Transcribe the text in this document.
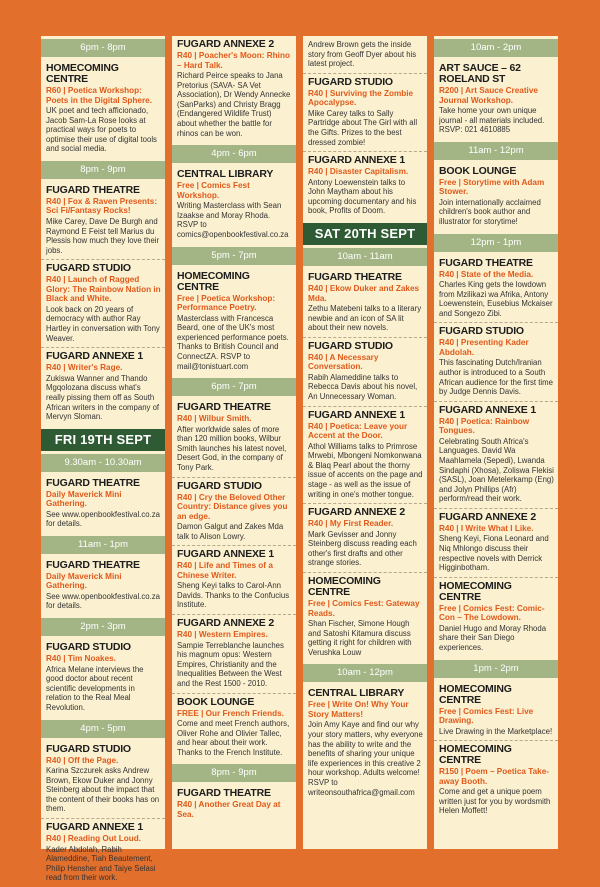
6pm - 8pm
HOMECOMING CENTRE
R60 | Poetica Workshop: Poets in the Digital Sphere.
UK poet and tech afficionado, Jacob Sam-La Rose looks at practical ways for poets to optimise their use of digital tools and social media.
8pm - 9pm
FUGARD THEATRE
R40 | Fox & Raven Presents: Sci Fi/Fantasy Rocks!
Mike Carey, Dave De Burgh and Raymond E Feist tell Marius du Plessis how much they love their jobs.
FUGARD STUDIO
R40 | Launch of Ragged Glory: The Rainbow Nation in Black and White.
Look back on 20 years of democracy with author Ray Hartley in conversation with Tony Weaver.
FUGARD ANNEXE 1
R40 | Writer's Rage.
Zukiswa Wanner and Thando Mgqolozana discuss what's really pissing them off as South African writers in the company of Mervyn Sloman.
FRI 19TH SEPT
9.30am - 10.30am
FUGARD THEATRE
Daily Maverick Mini Gathering.
See www.openbookfestival.co.za for details.
11am - 1pm
FUGARD THEATRE
Daily Maverick Mini Gathering.
See www.openbookfestival.co.za for details.
2pm - 3pm
FUGARD STUDIO
R40 | Tim Noakes.
Africa Melane interviews the good doctor about recent scientific developments in relation to the Real Meal Revolution.
4pm - 5pm
FUGARD STUDIO
R40 | Off the Page.
Karina Szczurek asks Andrew Brown, Ekow Duker and Jonny Steinberg about the impact that the content of their books has on them.
FUGARD ANNEXE 1
R40 | Reading Out Loud.
Kader Abdolah, Rabih Alameddine, Tiah Beautement, Philip Hensher and Taiye Selasi read from their work.
FUGARD ANNEXE 2
R40 | Poacher's Moon: Rhino – Hard Talk.
Richard Peirce speaks to Jana Pretorius (SAVA- SA Vet Association), Dr Wendy Annecke (SanParks) and Christy Bragg (Endangered Wildlife Trust) about whether the battle for rhinos can be won.
4pm - 6pm
CENTRAL LIBRARY
Free | Comics Fest Workshop.
Writing Masterclass with Sean Izaakse and Moray Rhoda. RSVP to comics@openbookfestival.co.za
5pm - 7pm
HOMECOMING CENTRE
Free | Poetica Workshop: Performance Poetry.
Masterclass with Francesca Beard, one of the UK's most experienced performance poets. Thanks to British Council and ConnectZA. RSVP to mail@tonistuart.com
6pm - 7pm
FUGARD THEATRE
R40 | Wilbur Smith.
After worldwide sales of more than 120 million books, Wilbur Smith launches his latest novel, Desert God, in the company of Tony Park.
FUGARD STUDIO
R40 | Cry the Beloved Other Country: Distance gives you an edge.
Damon Galgut and Zakes Mda talk to Alison Lowry.
FUGARD ANNEXE 1
R40 | Life and Times of a Chinese Writer.
Sheng Keyi talks to Carol-Ann Davids. Thanks to the Confucius Institute.
FUGARD ANNEXE 2
R40 | Western Empires.
Sampie Terreblanche launches his magnum opus: Western Empires, Christianity and the Inequalities Between the West and the Rest 1500 - 2010.
BOOK LOUNGE
FREE | Our French Friends.
Come and meet French authors, Oliver Rohe and Olivier Tallec, and hear about their work. Thanks to the French Institute.
8pm - 9pm
FUGARD THEATRE
R40 | Another Great Day at Sea.
Andrew Brown gets the inside story from Geoff Dyer about his latest project.
FUGARD STUDIO
R40 | Surviving the Zombie Apocalypse.
Mike Carey talks to Sally Partridge about The Girl with all the Gifts. Prizes to the best dressed zombie!
FUGARD ANNEXE 1
R40 | Disaster Capitalism.
Antony Loewenstein talks to John Maytham about his upcoming documentary and his book, Profits of Doom.
SAT 20TH SEPT
10am - 11am
FUGARD THEATRE
R40 | Ekow Duker and Zakes Mda.
Zethu Matebeni talks to a literary newbie and an icon of SA lit about their new novels.
FUGARD STUDIO
R40 | A Necessary Conversation.
Rabih Alameddine talks to Rebecca Davis about his novel, An Unnecessary Woman.
FUGARD ANNEXE 1
R40 | Poetica: Leave your Accent at the Door.
Athol Williams talks to Primrose Mrwebi, Mbongeni Nomkonwana & Blaq Pearl about the thorny issue of accents on the page and stage - as well as the issue of writing in one's mother tongue.
FUGARD ANNEXE 2
R40 | My First Reader.
Mark Gevisser and Jonny Steinberg discuss reading each other's first drafts and other strange stories.
HOMECOMING CENTRE
Free | Comics Fest: Gateway Reads.
Shan Fischer, Simone Hough and Satoshi Kitamura discuss getting it right for children with Verushka Louw
10am - 12pm
CENTRAL LIBRARY
Free | Write On! Why Your Story Matters!
Join Amy Kaye and find our why your story matters, why everyone has the ability to write and the benefits of sharing your unique life experiences in this creative 2 hour workshop. Adults welcome! RSVP to writeonsouthafrica@gmail.com
10am - 2pm
ART SAUCE – 62 ROELAND ST
R200 | Art Sauce Creative Journal Workshop.
Take home your own unique journal - all materials included. RSVP: 021 4610885
11am - 12pm
BOOK LOUNGE
Free | Storytime with Adam Stower.
Join internationally acclaimed children's book author and illustrator for storytime!
12pm - 1pm
FUGARD THEATRE
R40 | State of the Media.
Charles King gets the lowdown from Mzilikazi wa Afrika, Antony Loewenstein, Eusebius Mckaiser and Songezo Zibi.
FUGARD STUDIO
R40 | Presenting Kader Abdolah.
This fascinating Dutch/Iranian author is introduced to a South African audience for the first time by Judge Dennis Davis.
FUGARD ANNEXE 1
R40 | Poetica: Rainbow Tongues.
Celebrating South Africa's Languages. David Wa Maahlamela (Sepedi), Lwanda Sindaphi (Xhosa), Zoliswa Flekisi (SASL), Joan Metelerkamp (Eng) and Jolyn Phillips (Afr) perform/read their work.
FUGARD ANNEXE 2
R40 | I Write What I Like.
Sheng Keyi, Fiona Leonard and Niq Mhlongo discuss their respective novels with Derrick Higginbotham.
HOMECOMING CENTRE
Free | Comics Fest: Comic-Con – The Lowdown.
Daniel Hugo and Moray Rhoda share their San Diego experiences.
1pm - 2pm
HOMECOMING CENTRE
Free | Comics Fest: Live Drawing.
Live Drawing in the Marketplace!
HOMECOMING CENTRE
R150 | Poem – Poetica Take-away Booth.
Come and get a unique poem written just for you by wordsmith Helen Moffett!
